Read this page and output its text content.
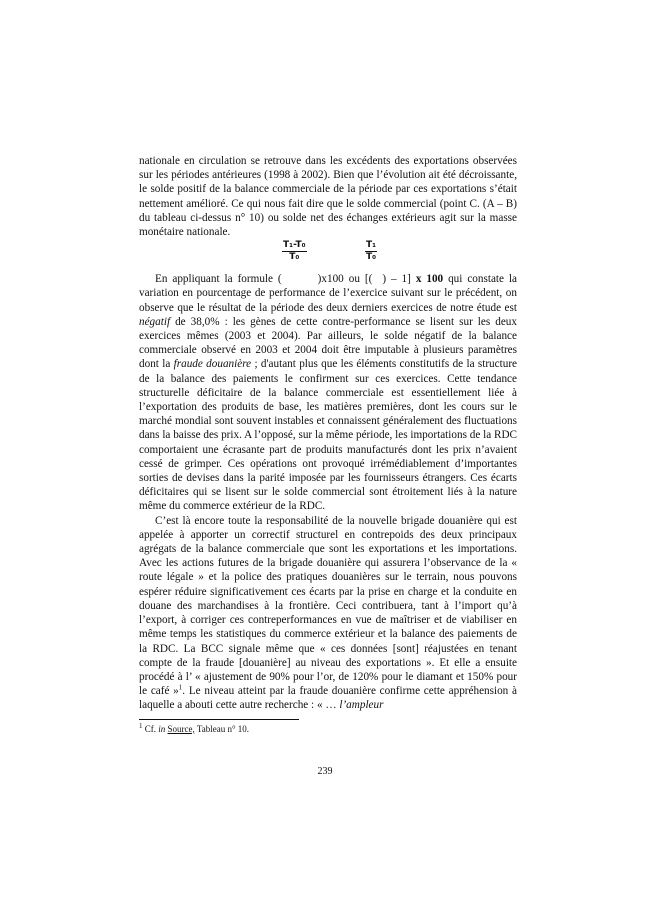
nationale en circulation se retrouve dans les excédents des exportations observées sur les périodes antérieures (1998 à 2002). Bien que l’évolution ait été décroissante, le solde positif de la balance commerciale de la période par ces exportations s’était nettement amélioré. Ce qui nous fait dire que le solde commercial (point C. (A – B) du tableau ci-dessus n° 10) ou solde net des échanges extérieurs agit sur la masse monétaire nationale.

$\frac{\text{T₁-T₀}}{\text{T₀}}$	$\frac{\text{T₁}}{\text{T₀}}$

En appliquant la formule (	)x100 ou [( ) – 1] x 100 qui constate la variation en pourcentage de performance de l’exercice suivant sur le précédent, on observe que le résultat de la période des deux derniers exercices de notre étude est négatif de 38,0% : les gènes de cette contre-performance se lisent sur les deux exercices mêmes (2003 et 2004). Par ailleurs, le solde négatif de la balance commerciale observé en 2003 et 2004 doit être imputable à plusieurs paramètres dont la fraude douanière ; d'autant plus que les éléments constitutifs de la structure de la balance des paiements le confirment sur ces exercices. Cette tendance structurelle déficitaire de la balance commerciale est essentiellement liée à l’exportation des produits de base, les matières premières, dont les cours sur le marché mondial sont souvent instables et connaissent généralement des fluctuations dans la baisse des prix. A l’opposé, sur la même période, les importations de la RDC comportaient une écrasante part de produits manufacturés dont les prix n’avaient cessé de grimper. Ces opérations ont provoqué irrémédiablement d’importantes sorties de devises dans la parité imposée par les fournisseurs étrangers. Ces écarts déficitaires qui se lisent sur le solde commercial sont étroitement liés à la nature même du commerce extérieur de la RDC.

C’est là encore toute la responsabilité de la nouvelle brigade douanière qui est appelée à apporter un correctif structurel en contrepoids des deux principaux agrégats de la balance commerciale que sont les exportations et les importations. Avec les actions futures de la brigade douanière qui assurera l’observance de la « route légale » et la police des pratiques douanières sur le terrain, nous pouvons espérer réduire significativement ces écarts par la prise en charge et la conduite en douane des marchandises à la frontière. Ceci contribuera, tant à l’import qu’à l’export, à corriger ces contreperformances en vue de maîtriser et de viabiliser en même temps les statistiques du commerce extérieur et la balance des paiements de la RDC. La BCC signale même que « ces données [sont] réajustées en tenant compte de la fraude [douanière] au niveau des exportations ». Et elle a ensuite procédé à l’ « ajustement de 90% pour l’or, de 120% pour le diamant et 150% pour le café »$^1$. Le niveau atteint par la fraude douanière confirme cette appréhension à laquelle a abouti cette autre recherche : « … l’ampleur

$^1$ Cf. in Source, Tableau n° 10.
239
